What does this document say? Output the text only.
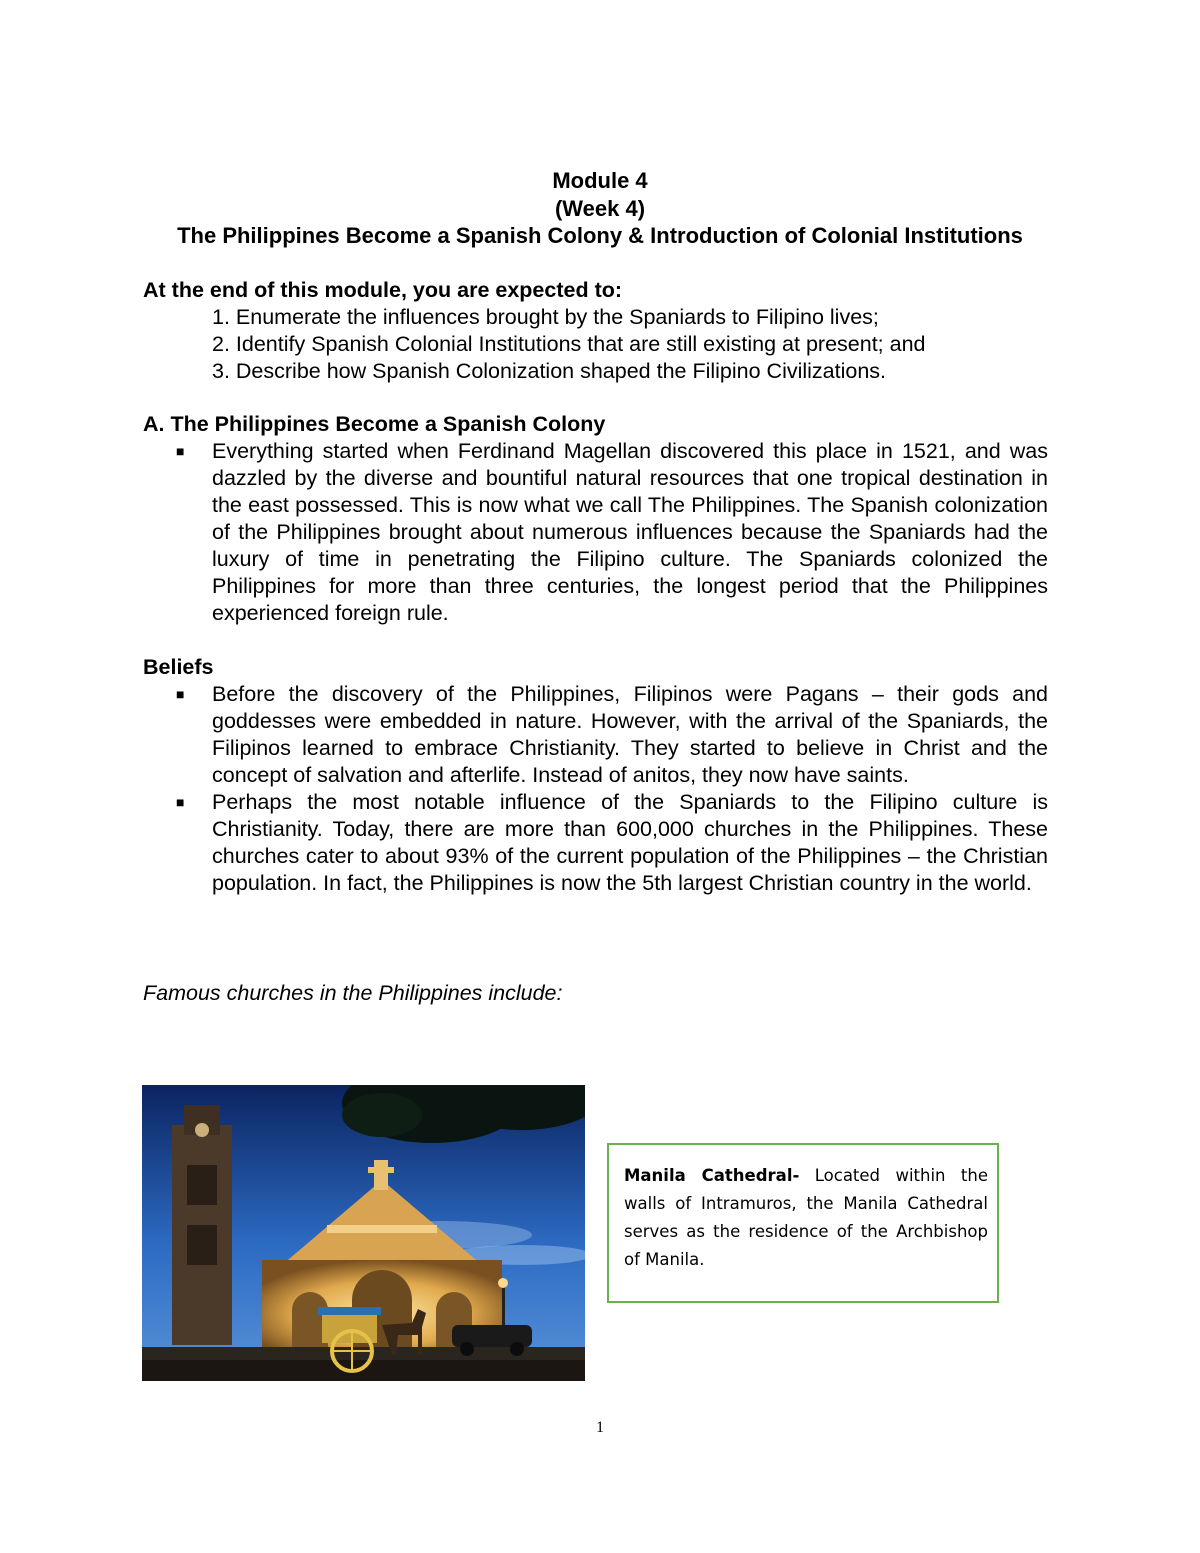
Module 4
(Week 4)
The Philippines Become a Spanish Colony & Introduction of Colonial Institutions
At the end of this module, you are expected to:
1. Enumerate the influences brought by the Spaniards to Filipino lives;
2. Identify Spanish Colonial Institutions that are still existing at present; and
3. Describe how Spanish Colonization shaped the Filipino Civilizations.
A. The Philippines Become a Spanish Colony
■ Everything started when Ferdinand Magellan discovered this place in 1521, and was dazzled by the diverse and bountiful natural resources that one tropical destination in the east possessed. This is now what we call The Philippines. The Spanish colonization of the Philippines brought about numerous influences because the Spaniards had the luxury of time in penetrating the Filipino culture. The Spaniards colonized the Philippines for more than three centuries, the longest period that the Philippines experienced foreign rule.
Beliefs
■ Before the discovery of the Philippines, Filipinos were Pagans – their gods and goddesses were embedded in nature. However, with the arrival of the Spaniards, the Filipinos learned to embrace Christianity. They started to believe in Christ and the concept of salvation and afterlife. Instead of anitos, they now have saints.
■ Perhaps the most notable influence of the Spaniards to the Filipino culture is Christianity. Today, there are more than 600,000 churches in the Philippines. These churches cater to about 93% of the current population of the Philippines – the Christian population. In fact, the Philippines is now the 5th largest Christian country in the world.
Famous churches in the Philippines include:
Manila Cathedral- Located within the walls of Intramuros, the Manila Cathedral serves as the residence of the Archbishop of Manila.
1
